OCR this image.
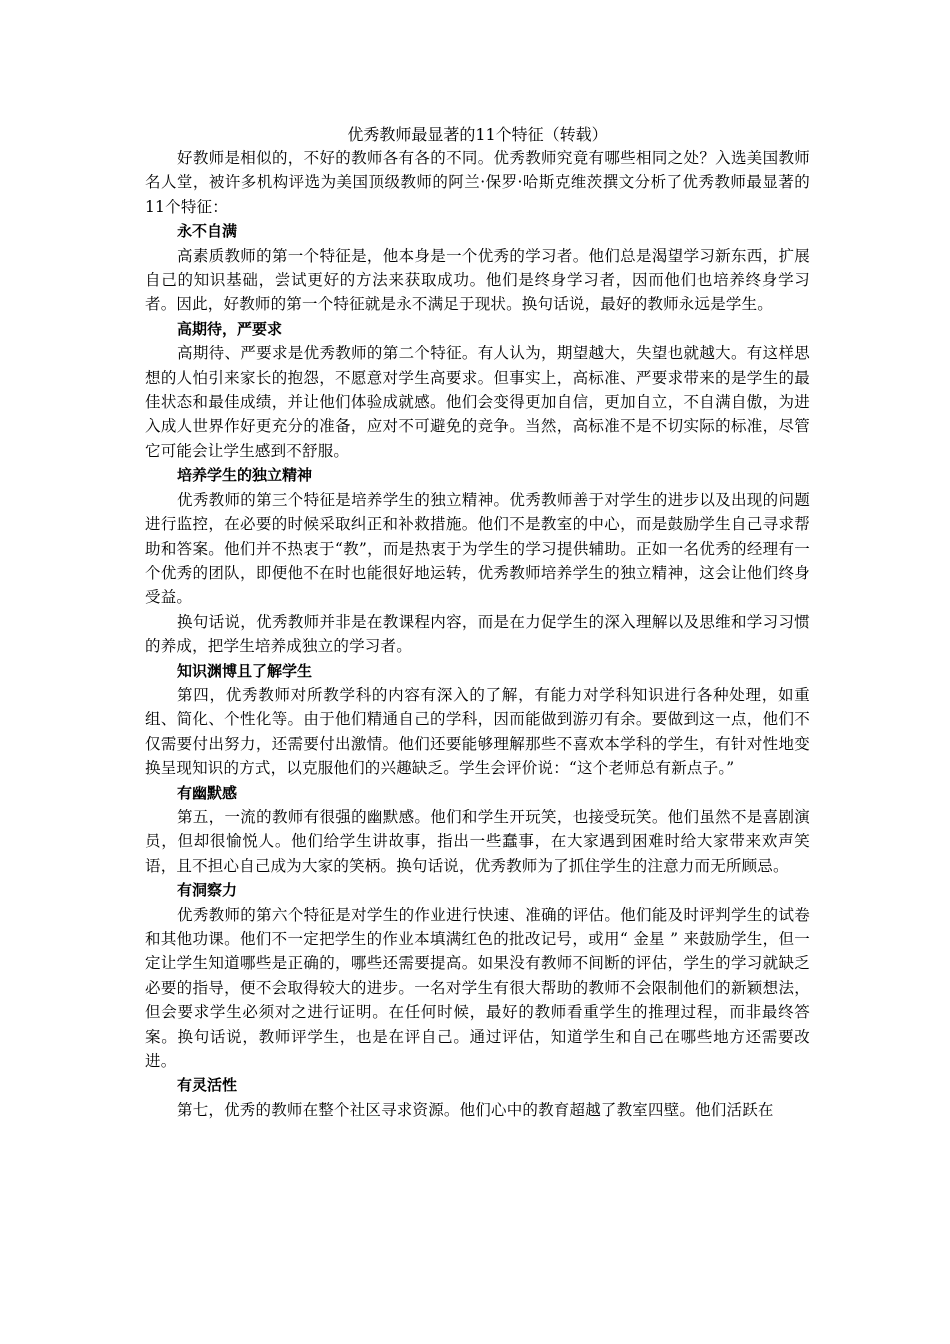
优秀教师最显著的11个特征（转载）

好教师是相似的，不好的教师各有各的不同。优秀教师究竟有哪些相同之处？入选美国教师名人堂，被许多机构评选为美国顶级教师的阿兰·保罗·哈斯克维茨撰文分析了优秀教师最显著的11个特征：

永不自满

高素质教师的第一个特征是，他本身是一个优秀的学习者。他们总是渴望学习新东西，扩展自己的知识基础，尝试更好的方法来获取成功。他们是终身学习者，因而他们也培养终身学习者。因此，好教师的第一个特征就是永不满足于现状。换句话说，最好的教师永远是学生。

高期待，严要求

高期待、严要求是优秀教师的第二个特征。有人认为，期望越大，失望也就越大。有这样思想的人怕引来家长的抱怨，不愿意对学生高要求。但事实上，高标准、严要求带来的是学生的最佳状态和最佳成绩，并让他们体验成就感。他们会变得更加自信，更加自立，不自满自傲，为进入成人世界作好更充分的准备，应对不可避免的竞争。当然，高标准不是不切实际的标准，尽管它可能会让学生感到不舒服。

培养学生的独立精神

优秀教师的第三个特征是培养学生的独立精神。优秀教师善于对学生的进步以及出现的问题进行监控，在必要的时候采取纠正和补救措施。他们不是教室的中心，而是鼓励学生自己寻求帮助和答案。他们并不热衷于“教”，而是热衷于为学生的学习提供辅助。正如一名优秀的经理有一个优秀的团队，即便他不在时也能很好地运转，优秀教师培养学生的独立精神，这会让他们终身受益。

换句话说，优秀教师并非是在教课程内容，而是在力促学生的深入理解以及思维和学习习惯的养成，把学生培养成独立的学习者。

知识渊博且了解学生

第四，优秀教师对所教学科的内容有深入的了解，有能力对学科知识进行各种处理，如重组、简化、个性化等。由于他们精通自己的学科，因而能做到游刃有余。要做到这一点，他们不仅需要付出努力，还需要付出激情。他们还要能够理解那些不喜欢本学科的学生，有针对性地变换呈现知识的方式，以克服他们的兴趣缺乏。学生会评价说：“这个老师总有新点子。”

有幽默感

第五，一流的教师有很强的幽默感。他们和学生开玩笑，也接受玩笑。他们虽然不是喜剧演员，但却很愉悦人。他们给学生讲故事，指出一些蠢事，在大家遇到困难时给大家带来欢声笑语，且不担心自己成为大家的笑柄。换句话说，优秀教师为了抓住学生的注意力而无所顾忌。

有洞察力

优秀教师的第六个特征是对学生的作业进行快速、准确的评估。他们能及时评判学生的试卷和其他功课。他们不一定把学生的作业本填满红色的批改记号，或用“ 金星 ” 来鼓励学生，但一定让学生知道哪些是正确的，哪些还需要提高。如果没有教师不间断的评估，学生的学习就缺乏必要的指导，便不会取得较大的进步。一名对学生有很大帮助的教师不会限制他们的新颖想法，但会要求学生必须对之进行证明。在任何时候，最好的教师看重学生的推理过程，而非最终答案。换句话说，教师评学生，也是在评自己。通过评估，知道学生和自己在哪些地方还需要改进。

有灵活性

第七，优秀的教师在整个社区寻求资源。他们心中的教育超越了教室四壁。他们活跃在
